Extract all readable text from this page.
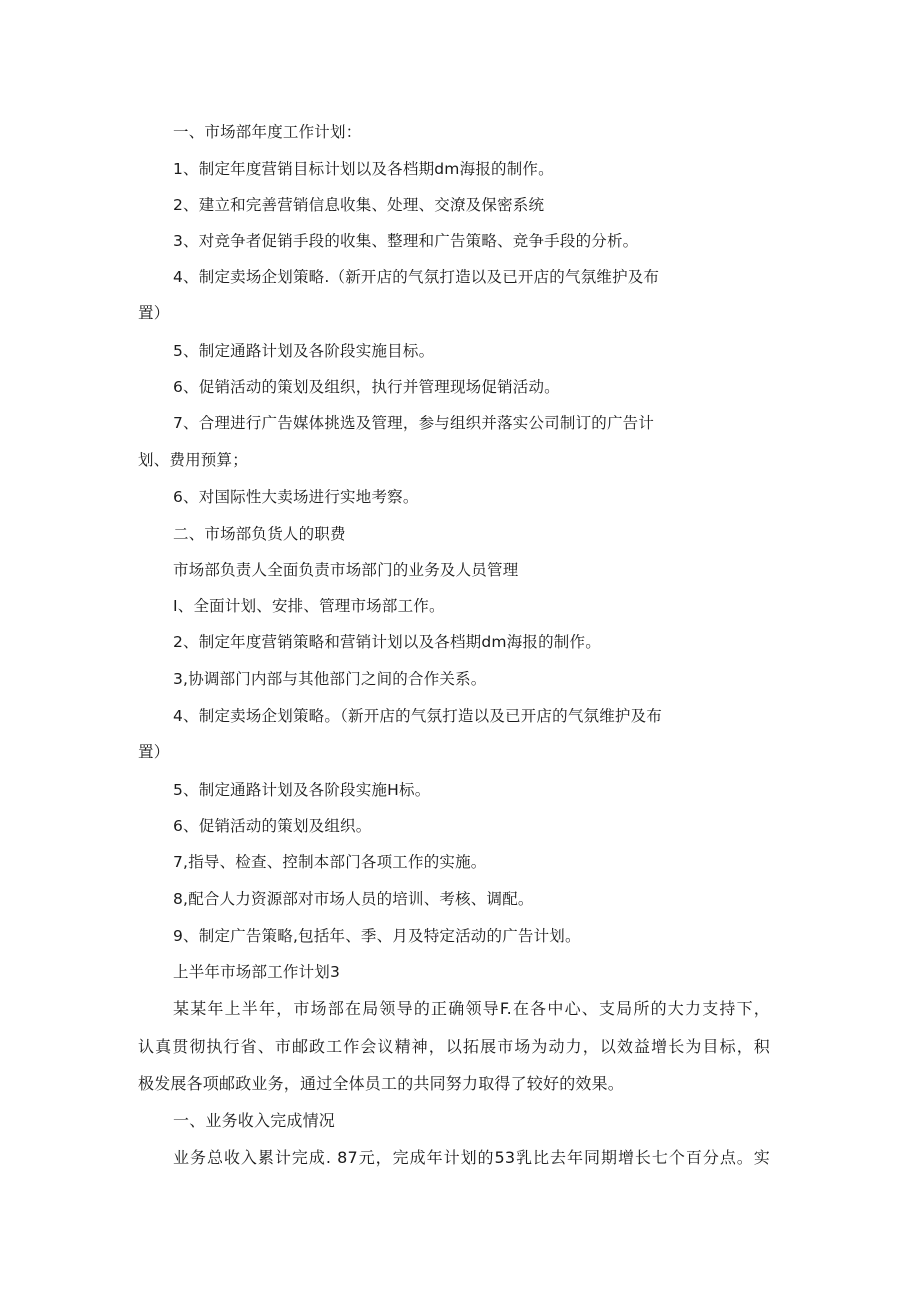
一、市场部年度工作计划：
1、制定年度营销目标计划以及各档期dm海报的制作。
2、建立和完善营销信息收集、处理、交潦及保密系统
3、对竞争者促销手段的收集、整理和广告策略、竞争手段的分析。
4、制定卖场企划策略.（新开店的气氛打造以及已开店的气氛维护及布
置）
5、制定通路计划及各阶段实施目标。
6、促销活动的策划及组织，执行并管理现场促销活动。
7、合理进行广告媒体挑选及管理，参与组织并落实公司制订的广告计
划、费用预算；
6、对国际性大卖场进行实地考察。
二、市场部负货人的职费
市场部负责人全面负责市场部门的业务及人员管理
I、全面计划、安排、管理市场部工作。
2、制定年度营销策略和营销计划以及各档期dm海报的制作。
3,协调部门内部与其他部门之间的合作关系。
4、制定卖场企划策略。（新开店的气氛打造以及已开店的气氛维护及布
置）
5、制定通路计划及各阶段实施H标。
6、促销活动的策划及组织。
7,指导、检查、控制本部门各项工作的实施。
8,配合人力资源部对市场人员的培训、考核、调配。
9、制定广告策略,包括年、季、月及特定活动的广告计划。
上半年市场部工作计划3
某某年上半年，市场部在局领导的正确领导F.在各中心、支局所的大力支持下，
认真贯彻执行省、市邮政工作会议精神，以拓展市场为动力，以效益增长为目标，积
极发展各项邮政业务，通过全体员工的共同努力取得了较好的效果。
一、业务收入完成情况
业务总收入累计完成. 87元，完成年计划的53乳比去年同期增长七个百分点。实
